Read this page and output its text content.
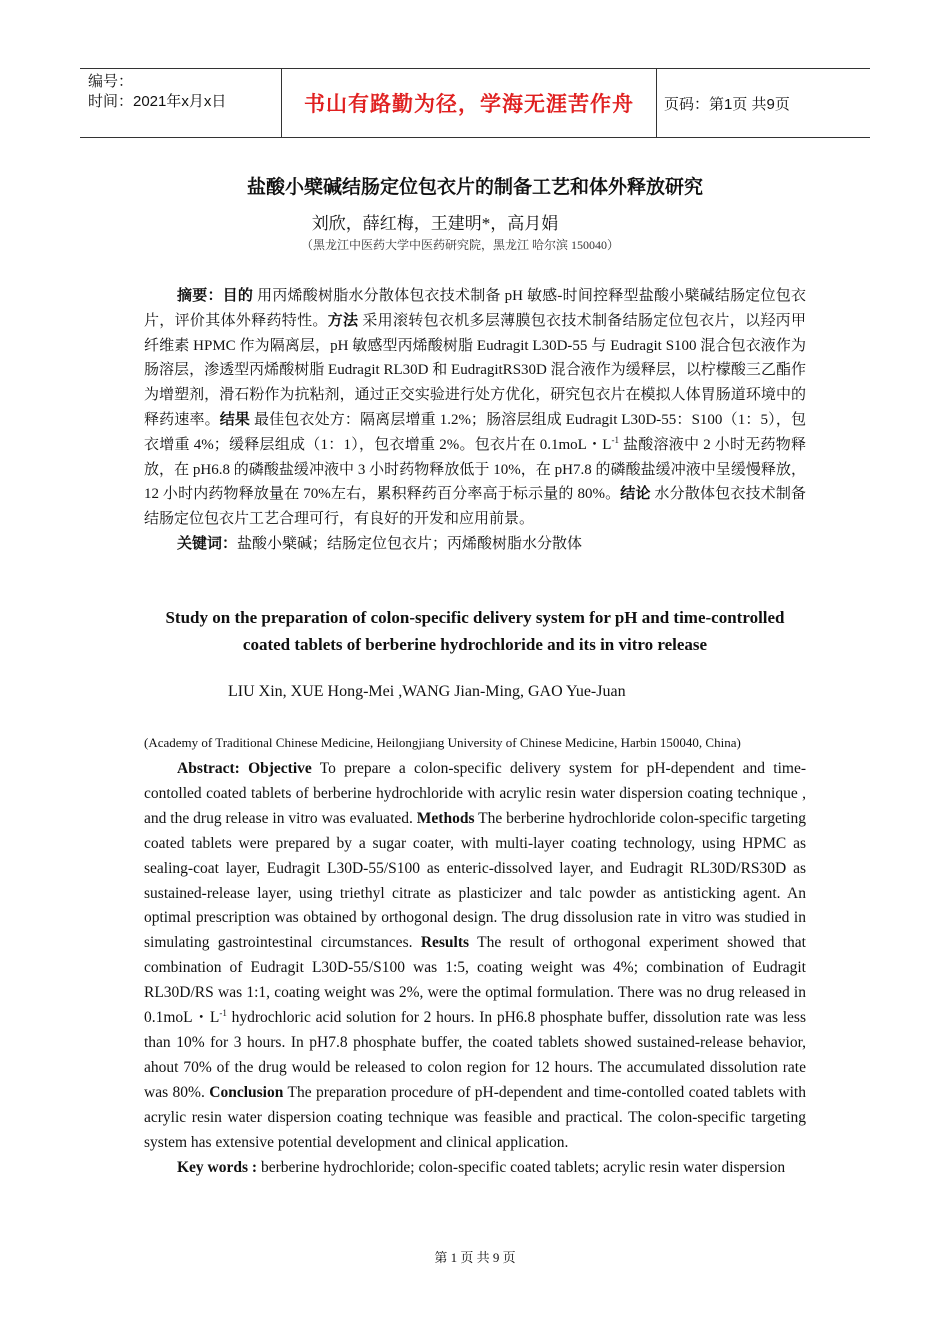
编号：
时间：2021年x月x日	书山有路勤为径，学海无涯苦作舟	页码：第1页 共9页
盐酸小檗碱结肠定位包衣片的制备工艺和体外释放研究
刘欣，薛红梅，王建明*，高月娟
（黑龙江中医药大学中医药研究院，黑龙江 哈尔滨 150040）

摘要：目的 用丙烯酸树脂水分散体包衣技术制备 pH 敏感-时间控释型盐酸小檗碱结肠定位包衣片，评价其体外释药特性。方法 采用滚转包衣机多层薄膜包衣技术制备结肠定位包衣片，以羟丙甲纤维素 HPMC 作为隔离层，pH 敏感型丙烯酸树脂 Eudragit L30D-55 与 Eudragit S100 混合包衣液作为肠溶层，渗透型丙烯酸树脂 Eudragit RL30D 和 EudragitRS30D 混合液作为缓释层，以柠檬酸三乙酯作为增塑剂，滑石粉作为抗粘剂，通过正交实验进行处方优化，研究包衣片在模拟人体胃肠道环境中的释药速率。结果 最佳包衣处方：隔离层增重 1.2%；肠溶层组成 Eudragit L30D-55：S100（1：5），包衣增重 4%；缓释层组成（1：1），包衣增重 2%。包衣片在 0.1moL・$L^{-1}$ 盐酸溶液中 2 小时无药物释放，在 pH6.8 的磷酸盐缓冲液中 3 小时药物释放低于 10%，在 pH7.8 的磷酸盐缓冲液中呈缓慢释放，12 小时内药物释放量在 70%左右，累积释药百分率高于标示量的 80%。结论 水分散体包衣技术制备结肠定位包衣片工艺合理可行，有良好的开发和应用前景。

关键词：盐酸小檗碱；结肠定位包衣片；丙烯酸树脂水分散体

Study on the preparation of colon-specific delivery system for pH and time-controlled coated tablets of berberine hydrochloride and its in vitro release
LIU Xin, XUE Hong-Mei ,WANG Jian-Ming, GAO Yue-Juan
(Academy of Traditional Chinese Medicine, Heilongjiang University of Chinese Medicine, Harbin 150040, China)

Abstract: Objective To prepare a colon-specific delivery system for pH-dependent and time-contolled coated tablets of berberine hydrochloride with acrylic resin water dispersion coating technique , and the drug release in vitro was evaluated. Methods The berberine hydrochloride colon-specific targeting coated tablets were prepared by a sugar coater, with multi-layer coating technology, using HPMC as sealing-coat layer, Eudragit L30D-55/S100 as enteric-dissolved layer, and Eudragit RL30D/RS30D as sustained-release layer, using triethyl citrate as plasticizer and talc powder as antisticking agent. An optimal prescription was obtained by orthogonal design. The drug dissolusion rate in vitro was studied in simulating gastrointestinal circumstances. Results The result of orthogonal experiment showed that combination of Eudragit L30D-55/S100 was 1:5, coating weight was 4%; combination of Eudragit RL30D/RS was 1:1, coating weight was 2%, were the optimal formulation. There was no drug released in 0.1moL・$L^{-1}$ hydrochloric acid solution for 2 hours. In pH6.8 phosphate buffer, dissolution rate was less than 10% for 3 hours. In pH7.8 phosphate buffer, the coated tablets showed sustained-release behavior, ahout 70% of the drug would be released to colon region for 12 hours. The accumulated dissolution rate was 80%. Conclusion The preparation procedure of pH-dependent and time-contolled coated tablets with acrylic resin water dispersion coating technique was feasible and practical. The colon-specific targeting system has extensive potential development and clinical application.

Key words : berberine hydrochloride; colon-specific coated tablets; acrylic resin water dispersion

第 1 页 共 9 页
